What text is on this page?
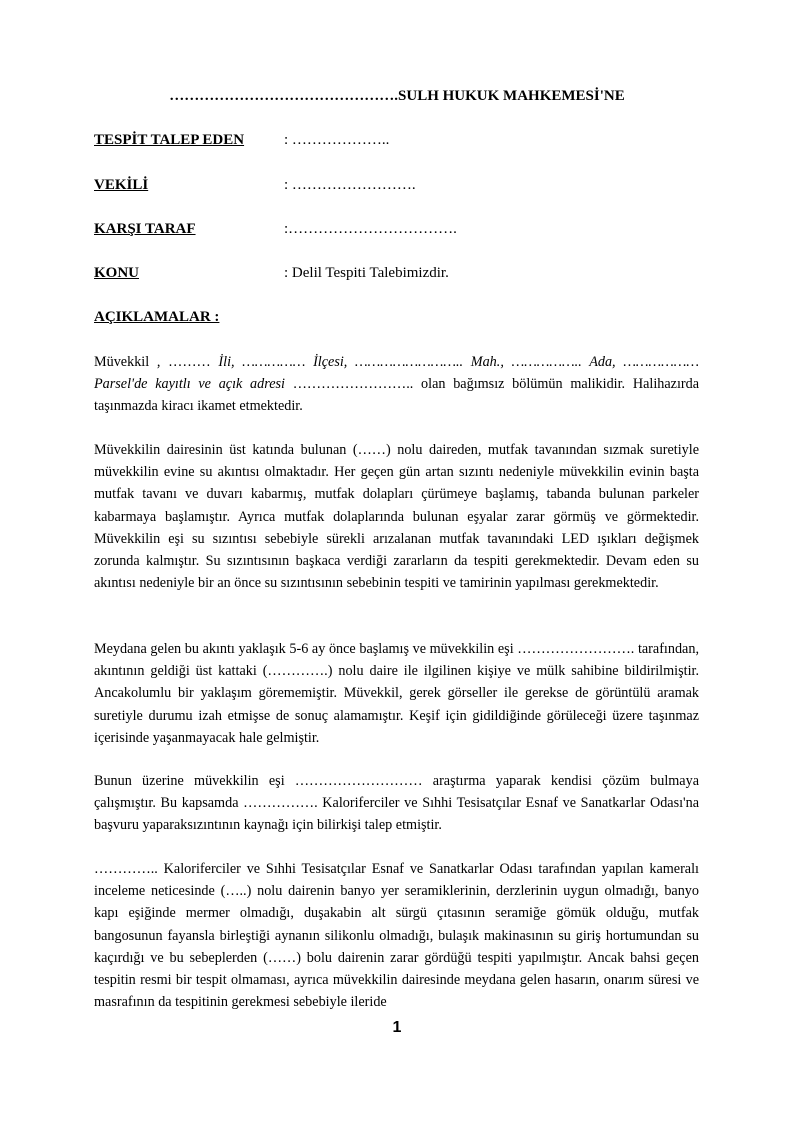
……………………………………….SULH HUKUK MAHKEMESİ'NE
TESPİT TALEP EDEN	: ………………..
VEKİLİ	: …………………….
KARŞI TARAF	:…………………………….
KONU	: Delil Tespiti Talebimizdir.
AÇIKLAMALAR :
Müvekkil , ……… İli, …………… İlçesi, …………………….. Mah., …………….. Ada, ……………… Parsel'de kayıtlı ve açık adresi …………………….. olan bağımsız bölümün malikidir. Halihazırda taşınmazda kiracı ikamet etmektedir.
Müvekkilin dairesinin üst katında bulunan (……) nolu daireden, mutfak tavanından sızmak suretiyle müvekkilin evine su akıntısı olmaktadır. Her geçen gün artan sızıntı nedeniyle müvekkilin evinin başta mutfak tavanı ve duvarı kabarmış, mutfak dolapları çürümeye başlamış, tabanda bulunan parkeler kabarmaya başlamıştır. Ayrıca mutfak dolaplarında bulunan eşyalar zarar görmüş ve görmektedir. Müvekkilin eşi su sızıntısı sebebiyle sürekli arızalanan mutfak tavanındaki LED ışıkları değişmek zorunda kalmıştır. Su sızıntısının başkaca verdiği zararların da tespiti gerekmektedir. Devam eden su akıntısı nedeniyle bir an önce su sızıntısının sebebinin tespiti ve tamirinin yapılması gerekmektedir.
Meydana gelen bu akıntı yaklaşık 5-6 ay önce başlamış ve müvekkilin eşi ……………………. tarafından, akıntının geldiği üst kattaki (………….) nolu daire ile ilgilinen kişiye ve mülk sahibine bildirilmiştir. Ancakolumlu bir yaklaşım görememiştir. Müvekkil, gerek görseller ile gerekse de görüntülü aramak suretiyle durumu izah etmişse de sonuç alamamıştır. Keşif için gidildiğinde görüleceği üzere taşınmaz içerisinde yaşanmayacak hale gelmiştir.
Bunun üzerine müvekkilin eşi ……………………… araştırma yaparak kendisi çözüm bulmaya çalışmıştır. Bu kapsamda ……………. Kaloriferciler ve Sıhhi Tesisatçılar Esnaf ve Sanatkarlar Odası'na başvuru yaparaksızıntının kaynağı için bilirkişi talep etmiştir.
………….. Kaloriferciler ve Sıhhi Tesisatçılar Esnaf ve Sanatkarlar Odası tarafından yapılan kameralı inceleme neticesinde (…..) nolu dairenin banyo yer seramiklerinin, derzlerinin uygun olmadığı, banyo kapı eşiğinde mermer olmadığı, duşakabin alt sürgü çıtasının seramiğe gömük olduğu, mutfak bangosunun fayansla birleştiği aynanın silikonlu olmadığı, bulaşık makinasının su giriş hortumundan su kaçırdığı ve bu sebeplerden (……) bolu dairenin zarar gördüğü tespiti yapılmıştır. Ancak bahsi geçen tespitin resmi bir tespit olmaması, ayrıca müvekkilin dairesinde meydana gelen hasarın, onarım süresi ve masrafının da tespitinin gerekmesi sebebiyle ileride
1
